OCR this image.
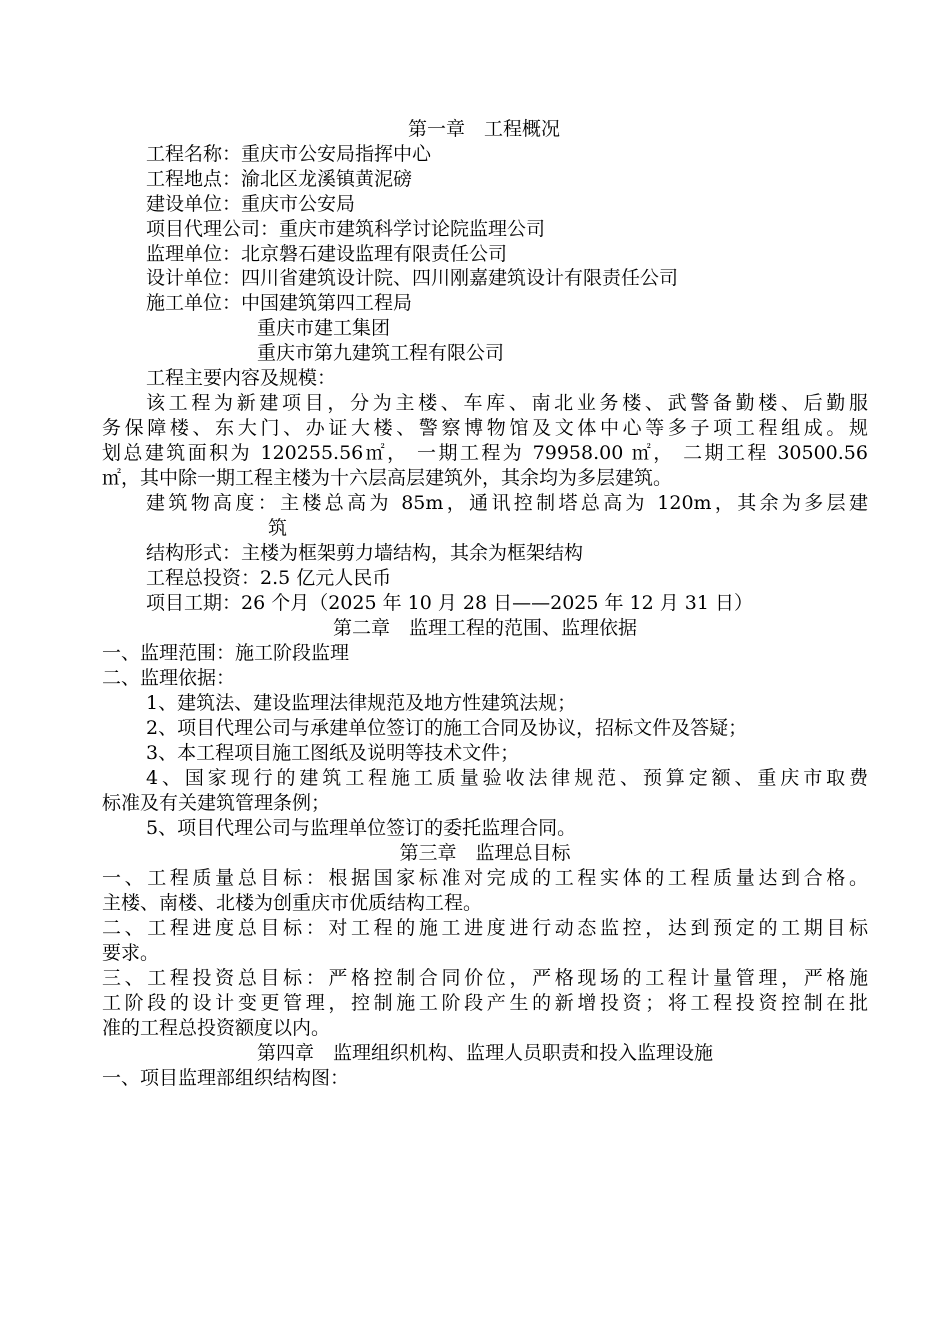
第一章　工程概况
工程名称：重庆市公安局指挥中心
工程地点：渝北区龙溪镇黄泥磅
建设单位：重庆市公安局
项目代理公司：重庆市建筑科学讨论院监理公司
监理单位：北京磐石建设监理有限责任公司
设计单位：四川省建筑设计院、四川刚嘉建筑设计有限责任公司
施工单位：中国建筑第四工程局
重庆市建工集团
重庆市第九建筑工程有限公司
工程主要内容及规模：
该工程为新建项目，分为主楼、车库、南北业务楼、武警备勤楼、后勤服
务保障楼、东大门、办证大楼、警察博物馆及文体中心等多子项工程组成。规
划总建筑面积为 120255.56㎡， 一期工程为 79958.00 ㎡， 二期工程 30500.56
㎡，其中除一期工程主楼为十六层高层建筑外，其余均为多层建筑。
建筑物高度：主楼总高为 85m，通讯控制塔总高为 120m，其余为多层建
筑
结构形式：主楼为框架剪力墙结构，其余为框架结构
工程总投资：2.5 亿元人民币
项目工期：26 个月（2025 年 10 月 28 日——2025 年 12 月 31 日）
第二章　监理工程的范围、监理依据
一、监理范围：施工阶段监理
二、监理依据：
1、建筑法、建设监理法律规范及地方性建筑法规；
2、项目代理公司与承建单位签订的施工合同及协议，招标文件及答疑；
3、本工程项目施工图纸及说明等技术文件；
4、国家现行的建筑工程施工质量验收法律规范、预算定额、重庆市取费
标准及有关建筑管理条例；
5、项目代理公司与监理单位签订的委托监理合同。
第三章　监理总目标
一、工程质量总目标：根据国家标准对完成的工程实体的工程质量达到合格。
主楼、南楼、北楼为创重庆市优质结构工程。
二、工程进度总目标：对工程的施工进度进行动态监控，达到预定的工期目标
要求。
三、工程投资总目标：严格控制合同价位，严格现场的工程计量管理，严格施
工阶段的设计变更管理，控制施工阶段产生的新增投资；将工程投资控制在批
准的工程总投资额度以内。
第四章　监理组织机构、监理人员职责和投入监理设施
一、项目监理部组织结构图：
